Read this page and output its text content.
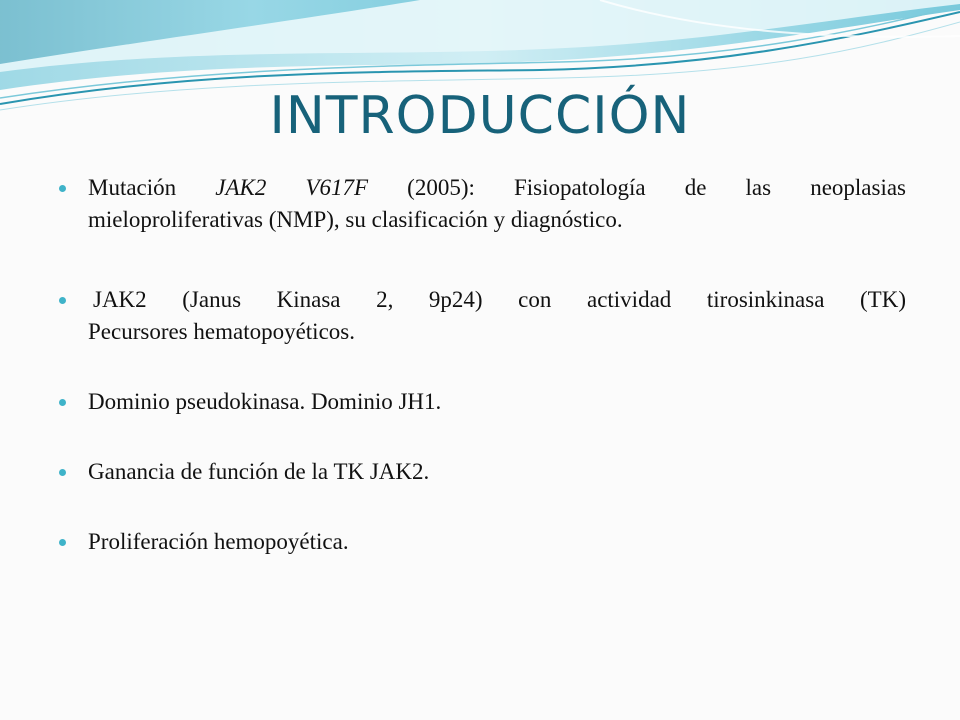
INTRODUCCIÓN
Mutación JAK2 V617F (2005): Fisiopatología de las neoplasias
mieloproliferativas (NMP), su clasificación y diagnóstico.
JAK2 (Janus Kinasa 2, 9p24) con actividad tirosinkinasa (TK)
Pecursores hematopoyéticos.
Dominio pseudokinasa. Dominio JH1.
Ganancia de función de la TK JAK2.
Proliferación hemopoyética.
